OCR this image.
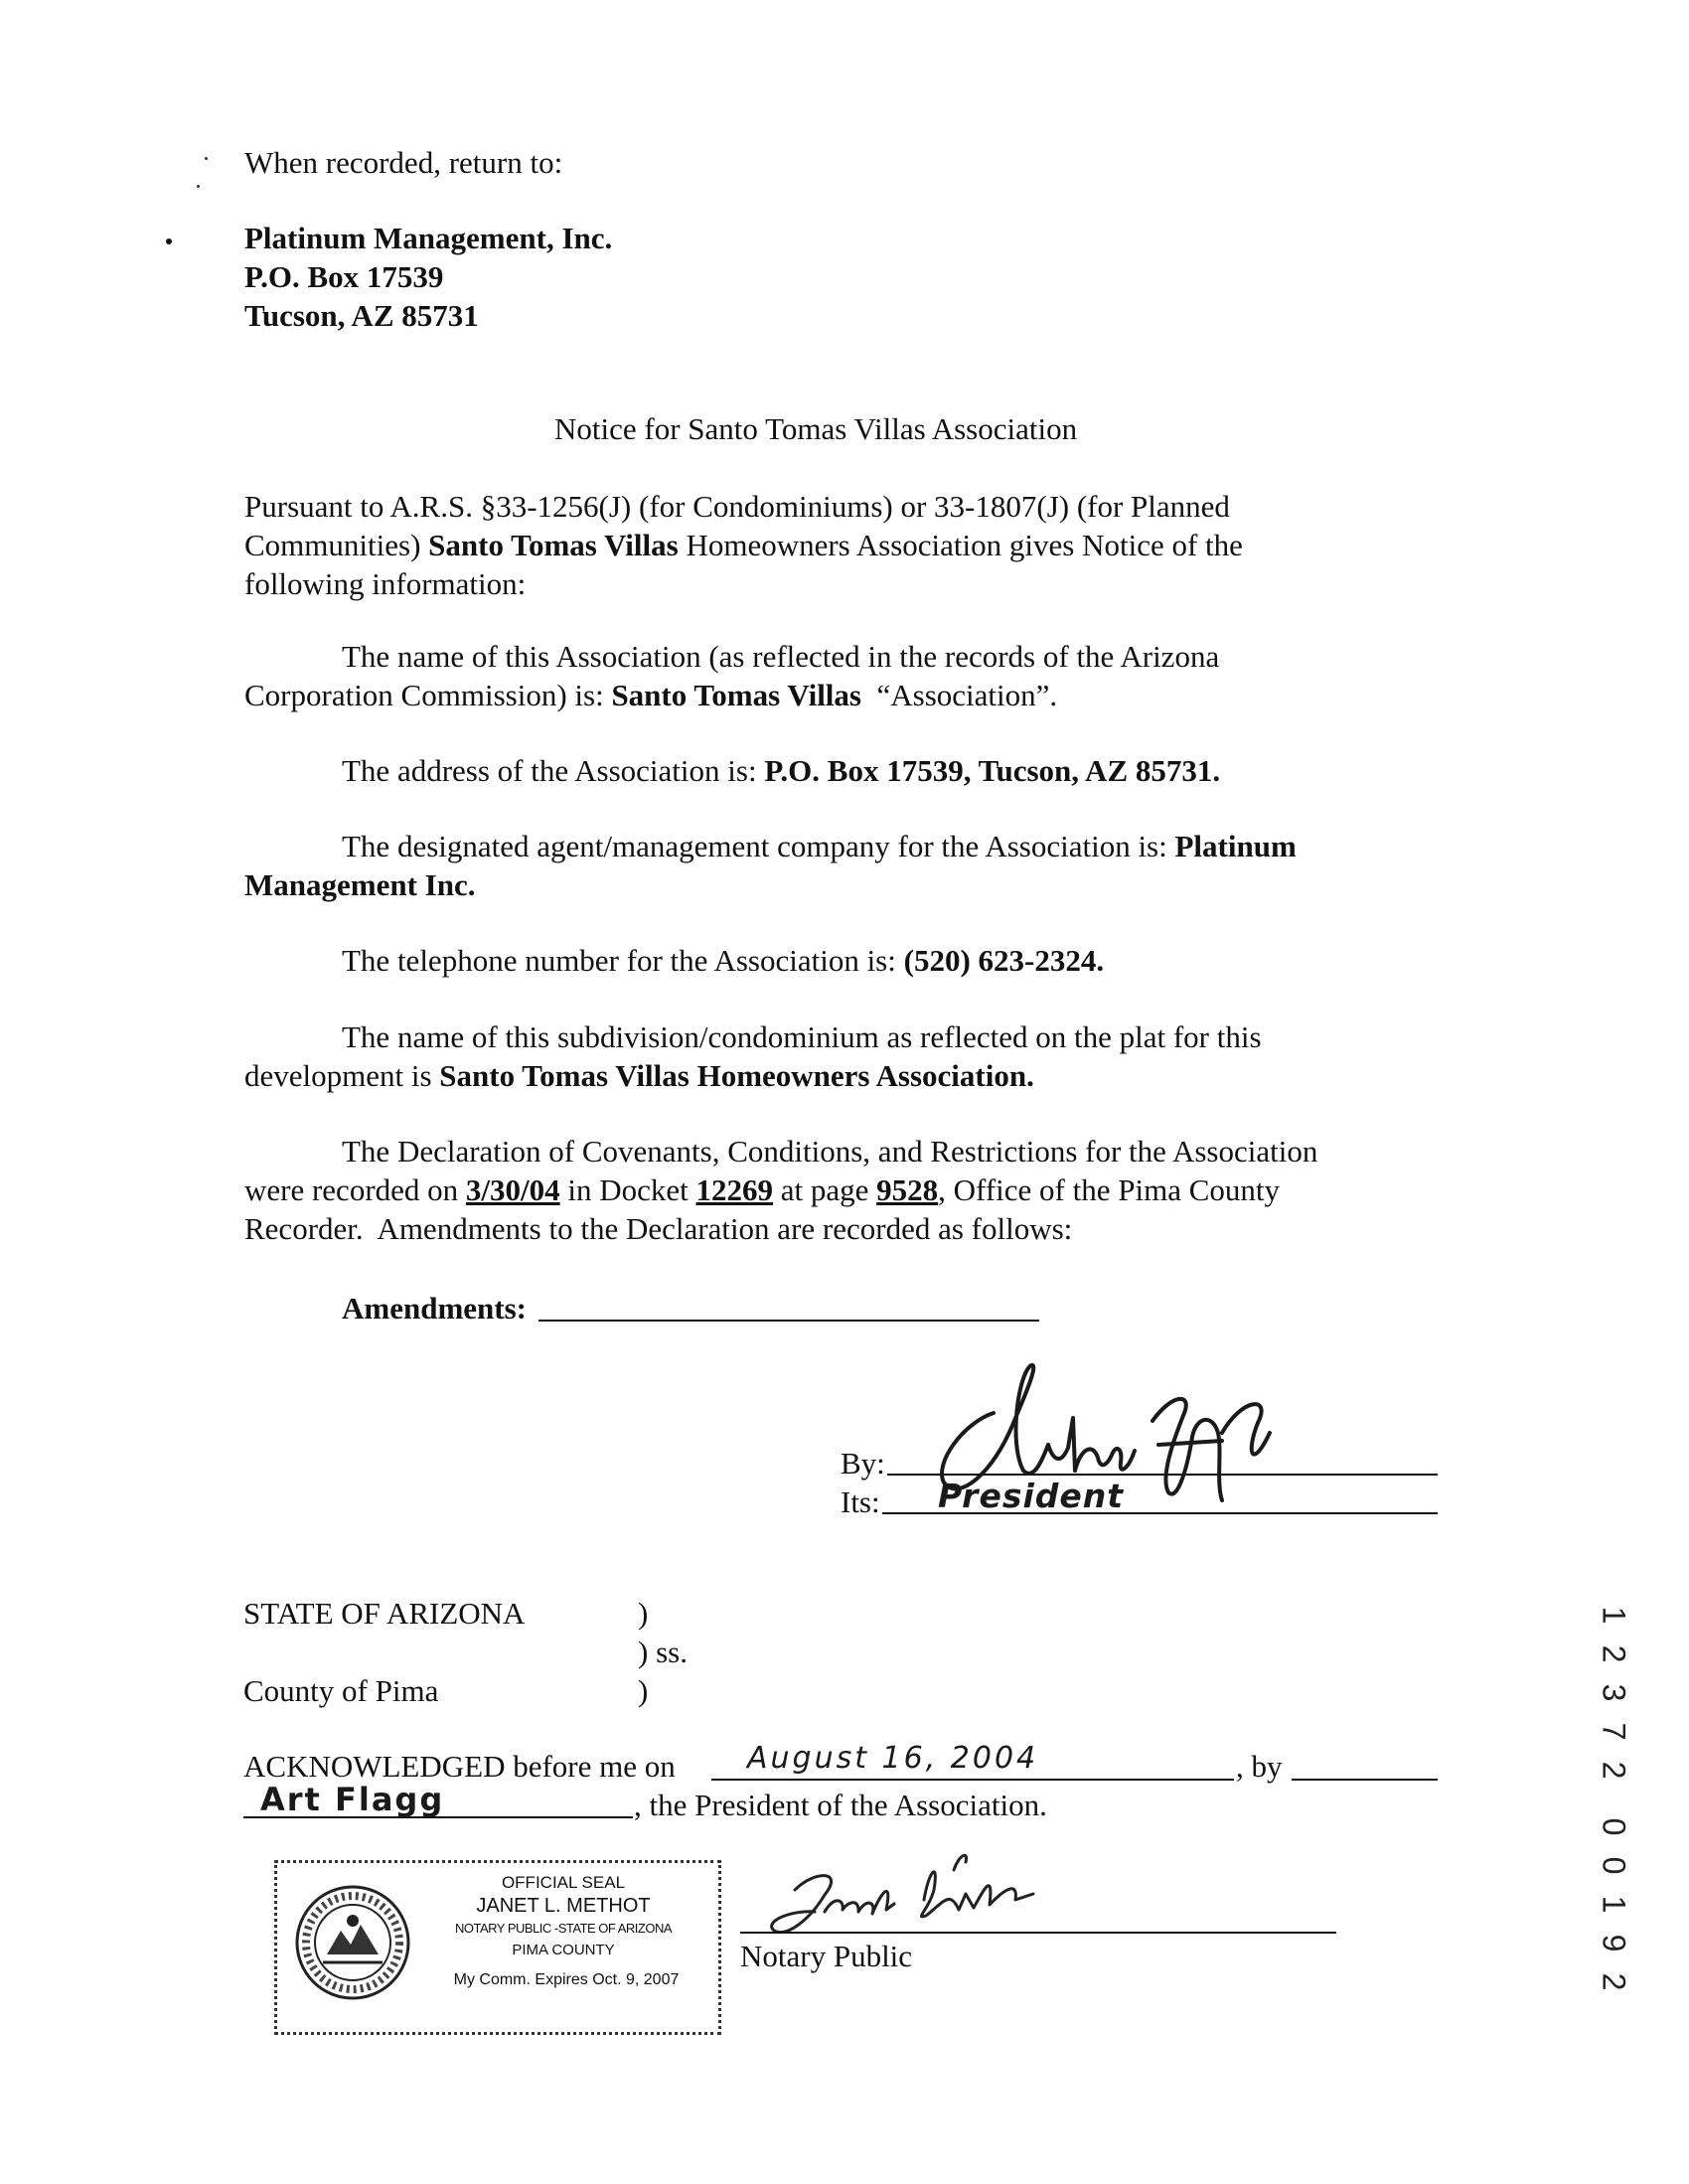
When recorded, return to:
Platinum Management, Inc.
P.O. Box 17539
Tucson, AZ 85731
Notice for Santo Tomas Villas Association
Pursuant to A.R.S. §33-1256(J) (for Condominiums) or 33-1807(J) (for Planned
Communities) Santo Tomas Villas Homeowners Association gives Notice of the
following information:
The name of this Association (as reflected in the records of the Arizona
Corporation Commission) is: Santo Tomas Villas  “Association”.
The address of the Association is: P.O. Box 17539, Tucson, AZ 85731.
The designated agent/management company for the Association is: Platinum
Management Inc.
The telephone number for the Association is: (520) 623-2324.
The name of this subdivision/condominium as reflected on the plat for this
development is Santo Tomas Villas Homeowners Association.
The Declaration of Covenants, Conditions, and Restrictions for the Association
were recorded on 3/30/04 in Docket 12269 at page 9528, Office of the Pima County
Recorder.  Amendments to the Declaration are recorded as follows:
Amendments:
By:
Its: President
STATE OF ARIZONA
County of Pima
)
) ss.
)
ACKNOWLEDGED before me on August 16, 2004	, by
Art Flagg	, the President of the Association.
OFFICIAL SEAL
JANET L. METHOT
NOTARY PUBLIC -STATE OF ARIZONA
PIMA COUNTY
My Comm. Expires Oct. 9, 2007
Notary Public
1
2
3
7
2

0
0
1
9
2
